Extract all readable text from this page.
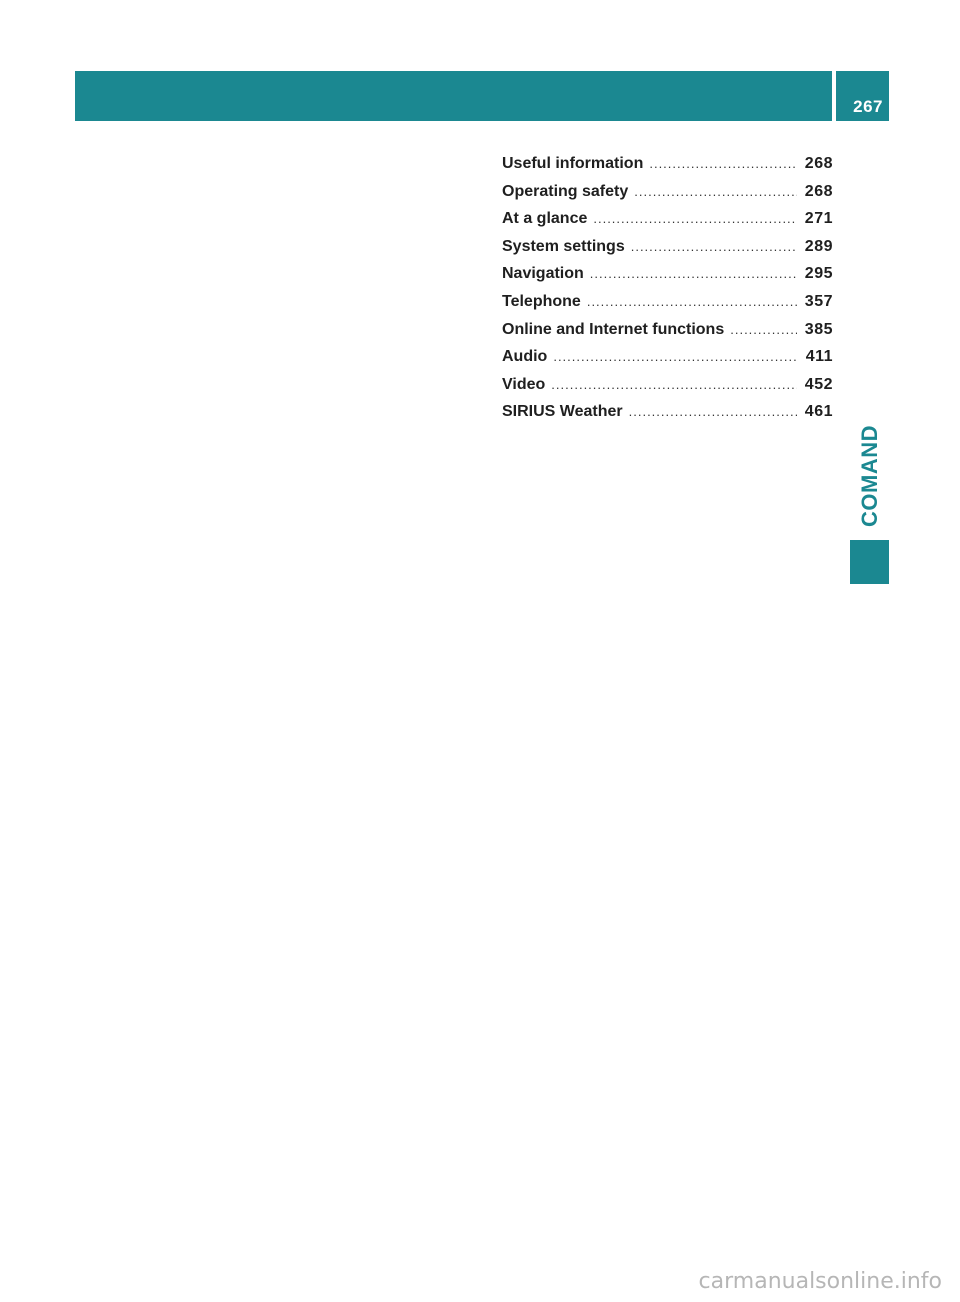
267
Useful information .....	268
Operating safety .....	268
At a glance .....	271
System settings .....	289
Navigation .....	295
Telephone .....	357
Online and Internet functions .....	385
Audio .....	411
Video .....	452
SIRIUS Weather .....	461
COMAND
carmanualsonline.info
